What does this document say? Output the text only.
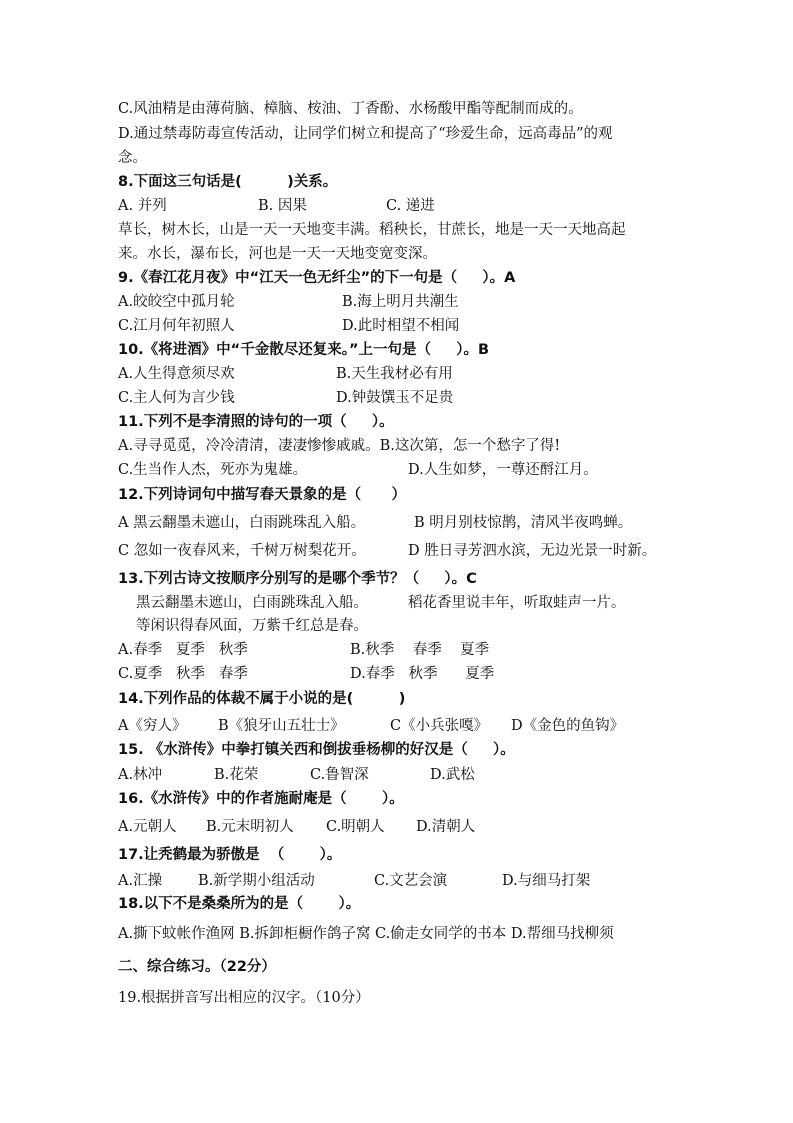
C.风油精是由薄荷脑、樟脑、桉油、丁香酚、水杨酸甲酯等配制而成的。
D.通过禁毒防毒宣传活动，让同学们树立和提高了“珍爱生命，远高毒品”的观
念。
8.下面这三句话是(         )关系。

A. 并列

	B. 因果

	C. 递进

草长，树木长，山是一天一天地变丰满。稻秧长，甘蔗长，地是一天一天地高起
来。水长，瀑布长，河也是一天一天地变宽变深。
9.《春江花月夜》中“江天一色无纤尘”的下一句是（     ）。A

A.皎皎空中孤月轮

	B.海上明月共潮生

C.江月何年初照人

	D.此时相望不相闻

10.《将进酒》中“千金散尽还复来。”上一句是（     ）。B

A.人生得意须尽欢

	B.天生我材必有用

C.主人何为言少钱

	D.钟鼓馔玉不足贵

11.下列不是李清照的诗句的一项（     ）。
A.寻寻觅觅，冷冷清清，凄凄惨惨戚戚。B.这次第，怎一个愁字了得!

C.生当作人杰，死亦为鬼雄。

	D.人生如梦，一尊还酹江月。

12.下列诗词句中描写春天景象的是（      ）

A 黑云翻墨未遮山，白雨跳珠乱入船。

	B 明月别枝惊鹊，清风半夜鸣蝉。

C 忽如一夜春风来，千树万树梨花开。

	D 胜日寻芳泗水滨，无边光景一时新。

13.下列古诗文按顺序分别写的是哪个季节？（     ）。C

黑云翻墨未遮山，白雨跳珠乱入船。

	稻花香里说丰年，听取蛙声一片。

等闲识得春风面，万紫千红总是春。

A.春季   夏季   秋季

	B.秋季    春季    夏季

C.夏季   秋季   春季

	D.春季   秋季      夏季

14.下列作品的体裁不属于小说的是(         )

A《穷人》

B《狼牙山五壮士》

	C《小兵张嘎》

D《金色的鱼钩》

15. 《水浒传》中拳打镇关西和倒拔垂杨柳的好汉是（     ）。

A.林冲

	B.花荣

	C.鲁智深

	D.武松

16.《水浒传》中的作者施耐庵是（       ）。

A.元朝人

B.元末明初人

C.明朝人

D.清朝人

17.让秃鹤最为骄傲是  （       ）。

A.汇操

B.新学期小组活动

	C.文艺会演

	D.与细马打架

18.以下不是桑桑所为的是（       ）。
A.撕下蚊帐作渔网 B.拆卸柜橱作鸽子窝 C.偷走女同学的书本 D.帮细马找柳须
二、综合练习。（22分）
19.根据拼音写出相应的汉字。（10分）
